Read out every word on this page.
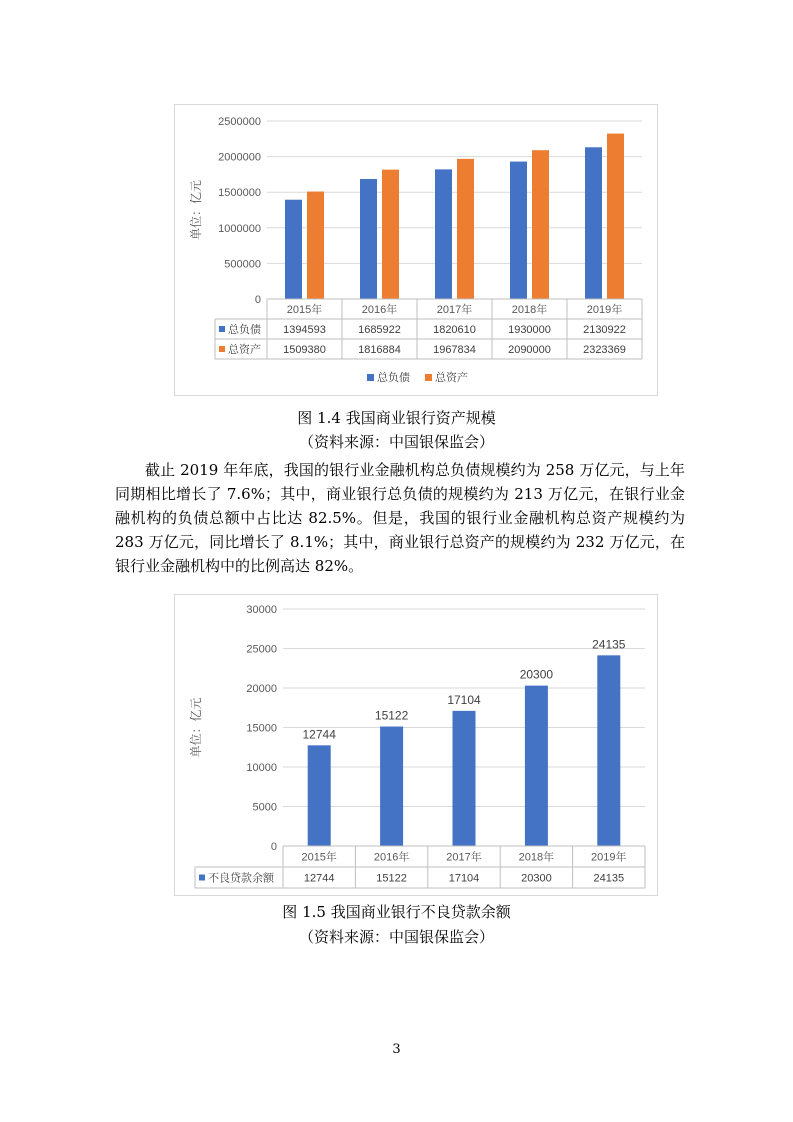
0
500000
1000000
1500000
2000000
2500000
单位：亿元
2015年	2016年	2017年	2018年	2019年
总负债 1394593	1685922	1820610	1930000	2130922
总资产 1509380	1816884	1967834	2090000	2323369
总负债 总资产
图 1.4 我国商业银行资产规模
（资料来源：中国银保监会）

截止 2019 年年底，我国的银行业金融机构总负债规模约为 258 万亿元，与上年同期相比增长了 7.6%；其中，商业银行总负债的规模约为 213 万亿元，在银行业金融机构的负债总额中占比达 82.5%。但是，我国的银行业金融机构总资产规模约为 283 万亿元，同比增长了 8.1%；其中，商业银行总资产的规模约为 232 万亿元，在银行业金融机构中的比例高达 82%。

0
5000
10000
15000
20000
25000
30000
单位：亿元	12744
15122
17104
20300
24135
2015年	2016年	2017年	2018年	2019年
不良贷款余额	12744	15122	17104	20300	24135
图 1.5 我国商业银行不良贷款余额
（资料来源：中国银保监会）
3
